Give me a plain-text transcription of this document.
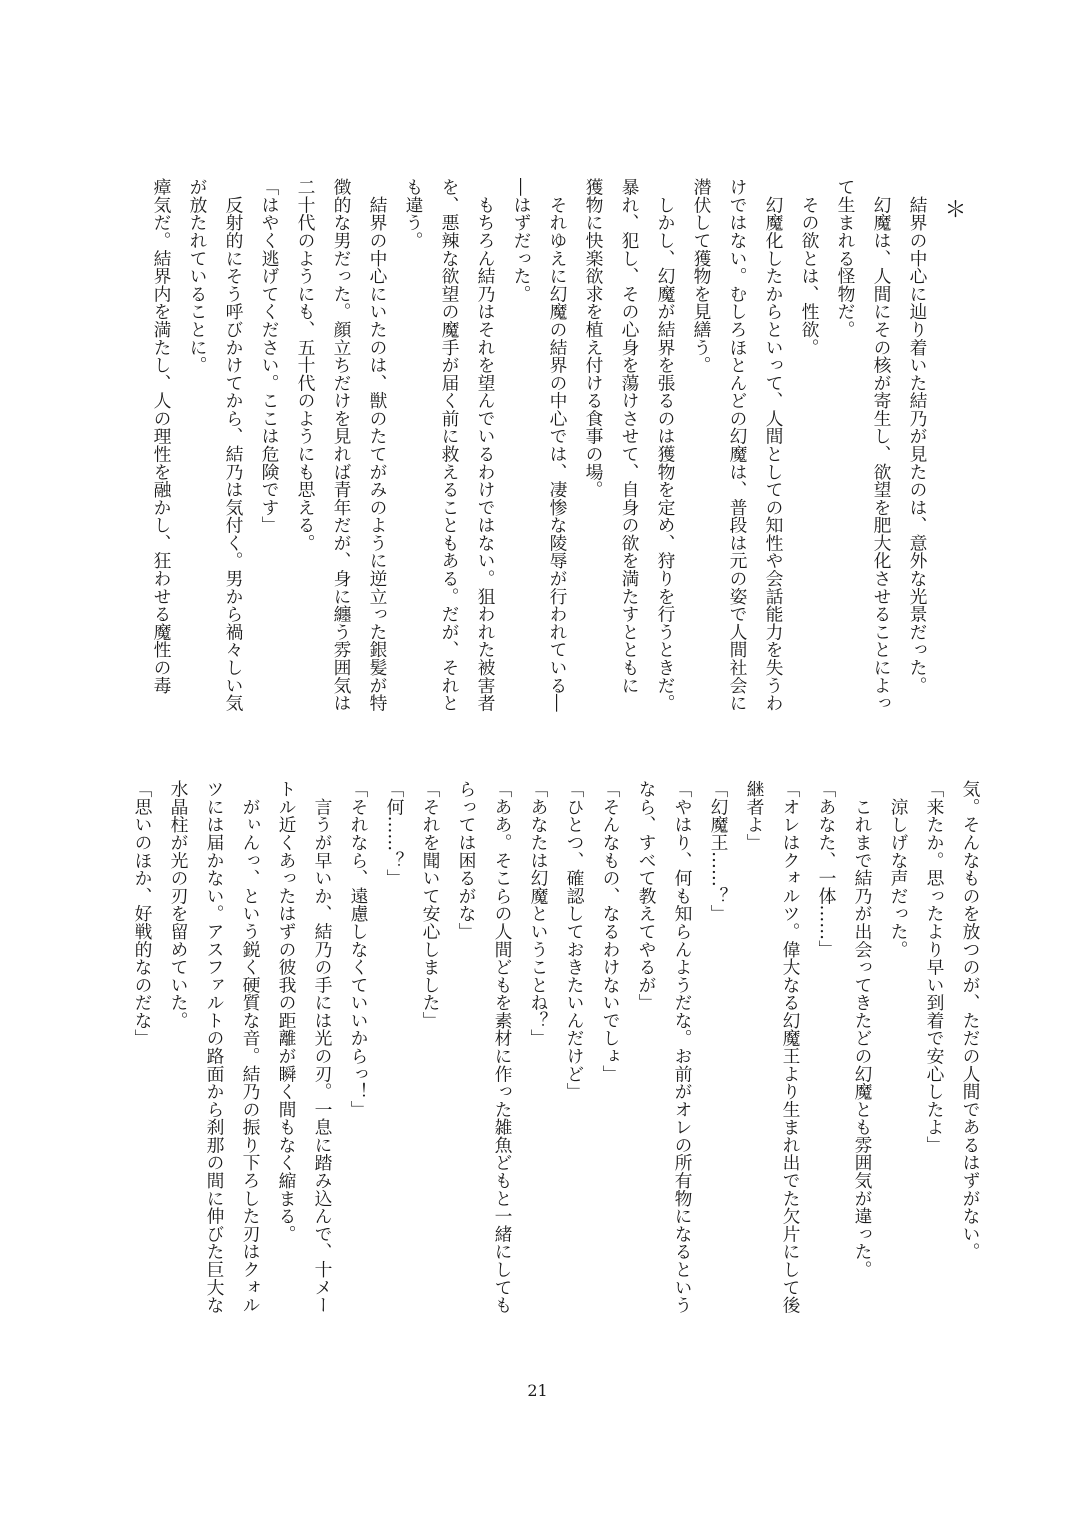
＊
　結界の中心に辿り着いた結乃が見たのは、意外な光景だった。
　幻魔は、人間にその核が寄生し、欲望を肥大化させることによっ
て生まれる怪物だ。
　その欲とは、性欲。
　幻魔化したからといって、人間としての知性や会話能力を失うわ
けではない。むしろほとんどの幻魔は、普段は元の姿で人間社会に
潜伏して獲物を見繕う。
　しかし、幻魔が結界を張るのは獲物を定め、狩りを行うときだ。
暴れ、犯し、その心身を蕩けさせて、自身の欲を満たすとともに
獲物に快楽欲求を植え付ける食事の場。
　それゆえに幻魔の結界の中心では、凄惨な陵辱が行われている―
―はずだった。
　もちろん結乃はそれを望んでいるわけではない。狙われた被害者
を、悪辣な欲望の魔手が届く前に救えることもある。だが、それと
も違う。
　結界の中心にいたのは、獣のたてがみのように逆立った銀髪が特
徴的な男だった。顔立ちだけを見れば青年だが、身に纏う雰囲気は
二十代のようにも、五十代のようにも思える。
「はやく逃げてください。ここは危険です」
　反射的にそう呼びかけてから、結乃は気付く。男から禍々しい気
が放たれていることに。
瘴気だ。結界内を満たし、人の理性を融かし、狂わせる魔性の毒
気。そんなものを放つのが、ただの人間であるはずがない。
「来たか。思ったより早い到着で安心したよ」
　涼しげな声だった。
　これまで結乃が出会ってきたどの幻魔とも雰囲気が違った。
「あなた、一体……」
「オレはクォルツ。偉大なる幻魔王より生まれ出でた欠片にして後
継者よ」
「幻魔王……？」
「やはり、何も知らんようだな。お前がオレの所有物になるという
なら、すべて教えてやるが」
「そんなもの、なるわけないでしょ」
「ひとつ、確認しておきたいんだけど」
「あなたは幻魔ということね？」
「ああ。そこらの人間どもを素材に作った雑魚どもと一緒にしても
らっては困るがな」
「それを聞いて安心しました」
「何……？」
「それなら、遠慮しなくていいからっ！」
　言うが早いか、結乃の手には光の刃。一息に踏み込んで、十メー
トル近くあったはずの彼我の距離が瞬く間もなく縮まる。
　がぃんっ、という鋭く硬質な音。結乃の振り下ろした刃はクォル
ツには届かない。アスファルトの路面から刹那の間に伸びた巨大な
水晶柱が光の刃を留めていた。
「思いのほか、好戦的なのだな」
21
